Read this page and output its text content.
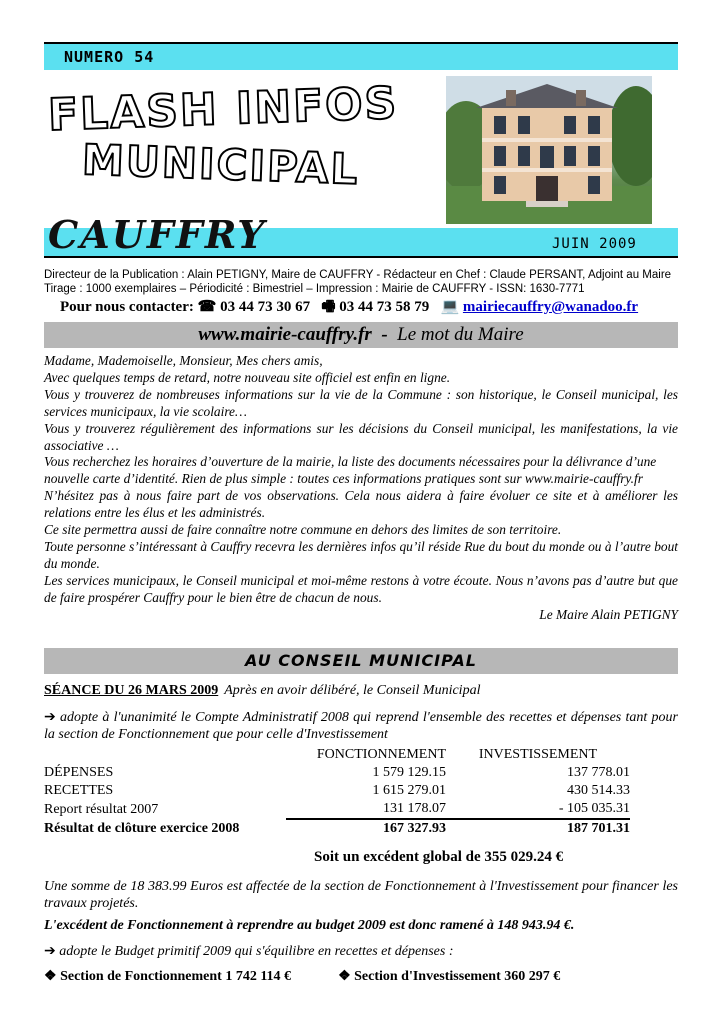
NUMERO 54
FLASH INFOS
MUNICIPAL
CAUFFRY	JUIN 2009
Directeur de la Publication : Alain PETIGNY, Maire de CAUFFRY - Rédacteur en Chef : Claude PERSANT, Adjoint au Maire
Tirage : 1000 exemplaires – Périodicité : Bimestriel – Impression : Mairie de CAUFFRY - ISSN: 1630-7771
Pour nous contacter: ☎ 03 44 73 30 67 🖷 03 44 73 58 79 💻 mairiecauffry@wanadoo.fr
www.mairie-cauffry.fr - Le mot du Maire

Madame, Mademoiselle, Monsieur, Mes chers amis,

Avec quelques temps de retard, notre nouveau site officiel est enfin en ligne.

Vous y trouverez de nombreuses informations sur la vie de la Commune : son historique, le Conseil municipal, les services municipaux, la vie scolaire…

Vous y trouverez régulièrement des informations sur les décisions du Conseil municipal, les manifestations, la vie associative …

Vous recherchez les horaires d’ouverture de la mairie, la liste des documents nécessaires pour la délivrance d’une nouvelle carte d’identité. Rien de plus simple : toutes ces informations pratiques sont sur www.mairie-cauffry.fr

N’hésitez pas à nous faire part de vos observations. Cela nous aidera à faire évoluer ce site et à améliorer les relations entre les élus et les administrés.

Ce site permettra aussi de faire connaître notre commune en dehors des limites de son territoire.

Toute personne s’intéressant à Cauffry recevra les dernières infos qu’il réside Rue du bout du monde ou à l’autre bout du monde.

Les services municipaux, le Conseil municipal et moi-même restons à votre écoute. Nous n’avons pas d’autre but que de faire prospérer Cauffry pour le bien être de chacun de nous.

Le Maire Alain PETIGNY

AU CONSEIL MUNICIPAL
SÉANCE DU 26 MARS 2009 Après en avoir délibéré, le Conseil Municipal
➔ adopte à l'unanimité le Compte Administratif 2008 qui reprend l'ensemble des recettes et dépenses tant pour la section de Fonctionnement que pour celle d'Investissement
	FONCTIONNEMENT	INVESTISSEMENT
DÉPENSES	1 579 129.15	137 778.01
RECETTES	1 615 279.01	430 514.33
Report résultat 2007	131 178.07	- 105 035.31
Résultat de clôture exercice 2008	167 327.93	187 701.31
Soit un excédent global de 355 029.24 €
Une somme de 18 383.99 Euros est affectée de la section de Fonctionnement à l'Investissement pour financer les travaux projetés.
L'excédent de Fonctionnement à reprendre au budget 2009 est donc ramené à 148 943.94 €.
➔ adopte le Budget primitif 2009 qui s'équilibre en recettes et dépenses :
❖ Section de Fonctionnement 1 742 114 €	❖ Section d'Investissement 360 297 €
